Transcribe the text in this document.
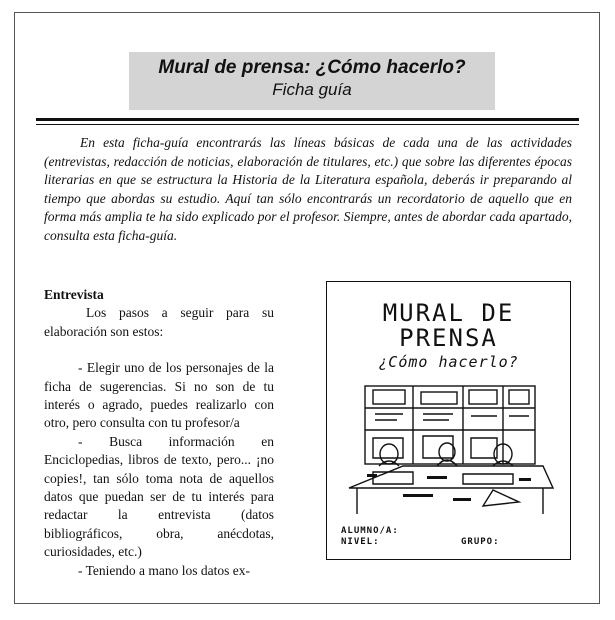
Mural de prensa: ¿Cómo hacerlo?
Ficha guía

En esta ficha-guía encontrarás las líneas básicas de cada una de las actividades (entrevistas, redacción de noticias, elaboración de titulares, etc.) que sobre las diferentes épocas literarias en que se estructura la Historia de la Literatura española, deberás ir preparando al tiempo que abordas su estudio. Aquí tan sólo encontrarás un recordatorio de aquello que en forma más amplia te ha sido explicado por el profesor. Siempre, antes de abordar cada apartado, consulta esta ficha-guía.

Entrevista

Los pasos a seguir para su elaboración son estos:

- Elegir uno de los personajes de la ficha de sugerencias. Si no son de tu interés o agrado, puedes realizarlo con otro, pero consulta con tu profesor/a

- Busca información en Enciclopedias, libros de texto, pero... ¡no copies!, tan sólo toma nota de aquellos datos que puedan ser de tu interés para redactar la entrevista (datos bibliográficos, obra, anécdotas, curiosidades, etc.)

- Teniendo a mano los datos ex-

MURAL DE
PRENSA
¿Cómo hacerlo?
ALUMNO/A:
NIVEL:	GRUPO:
